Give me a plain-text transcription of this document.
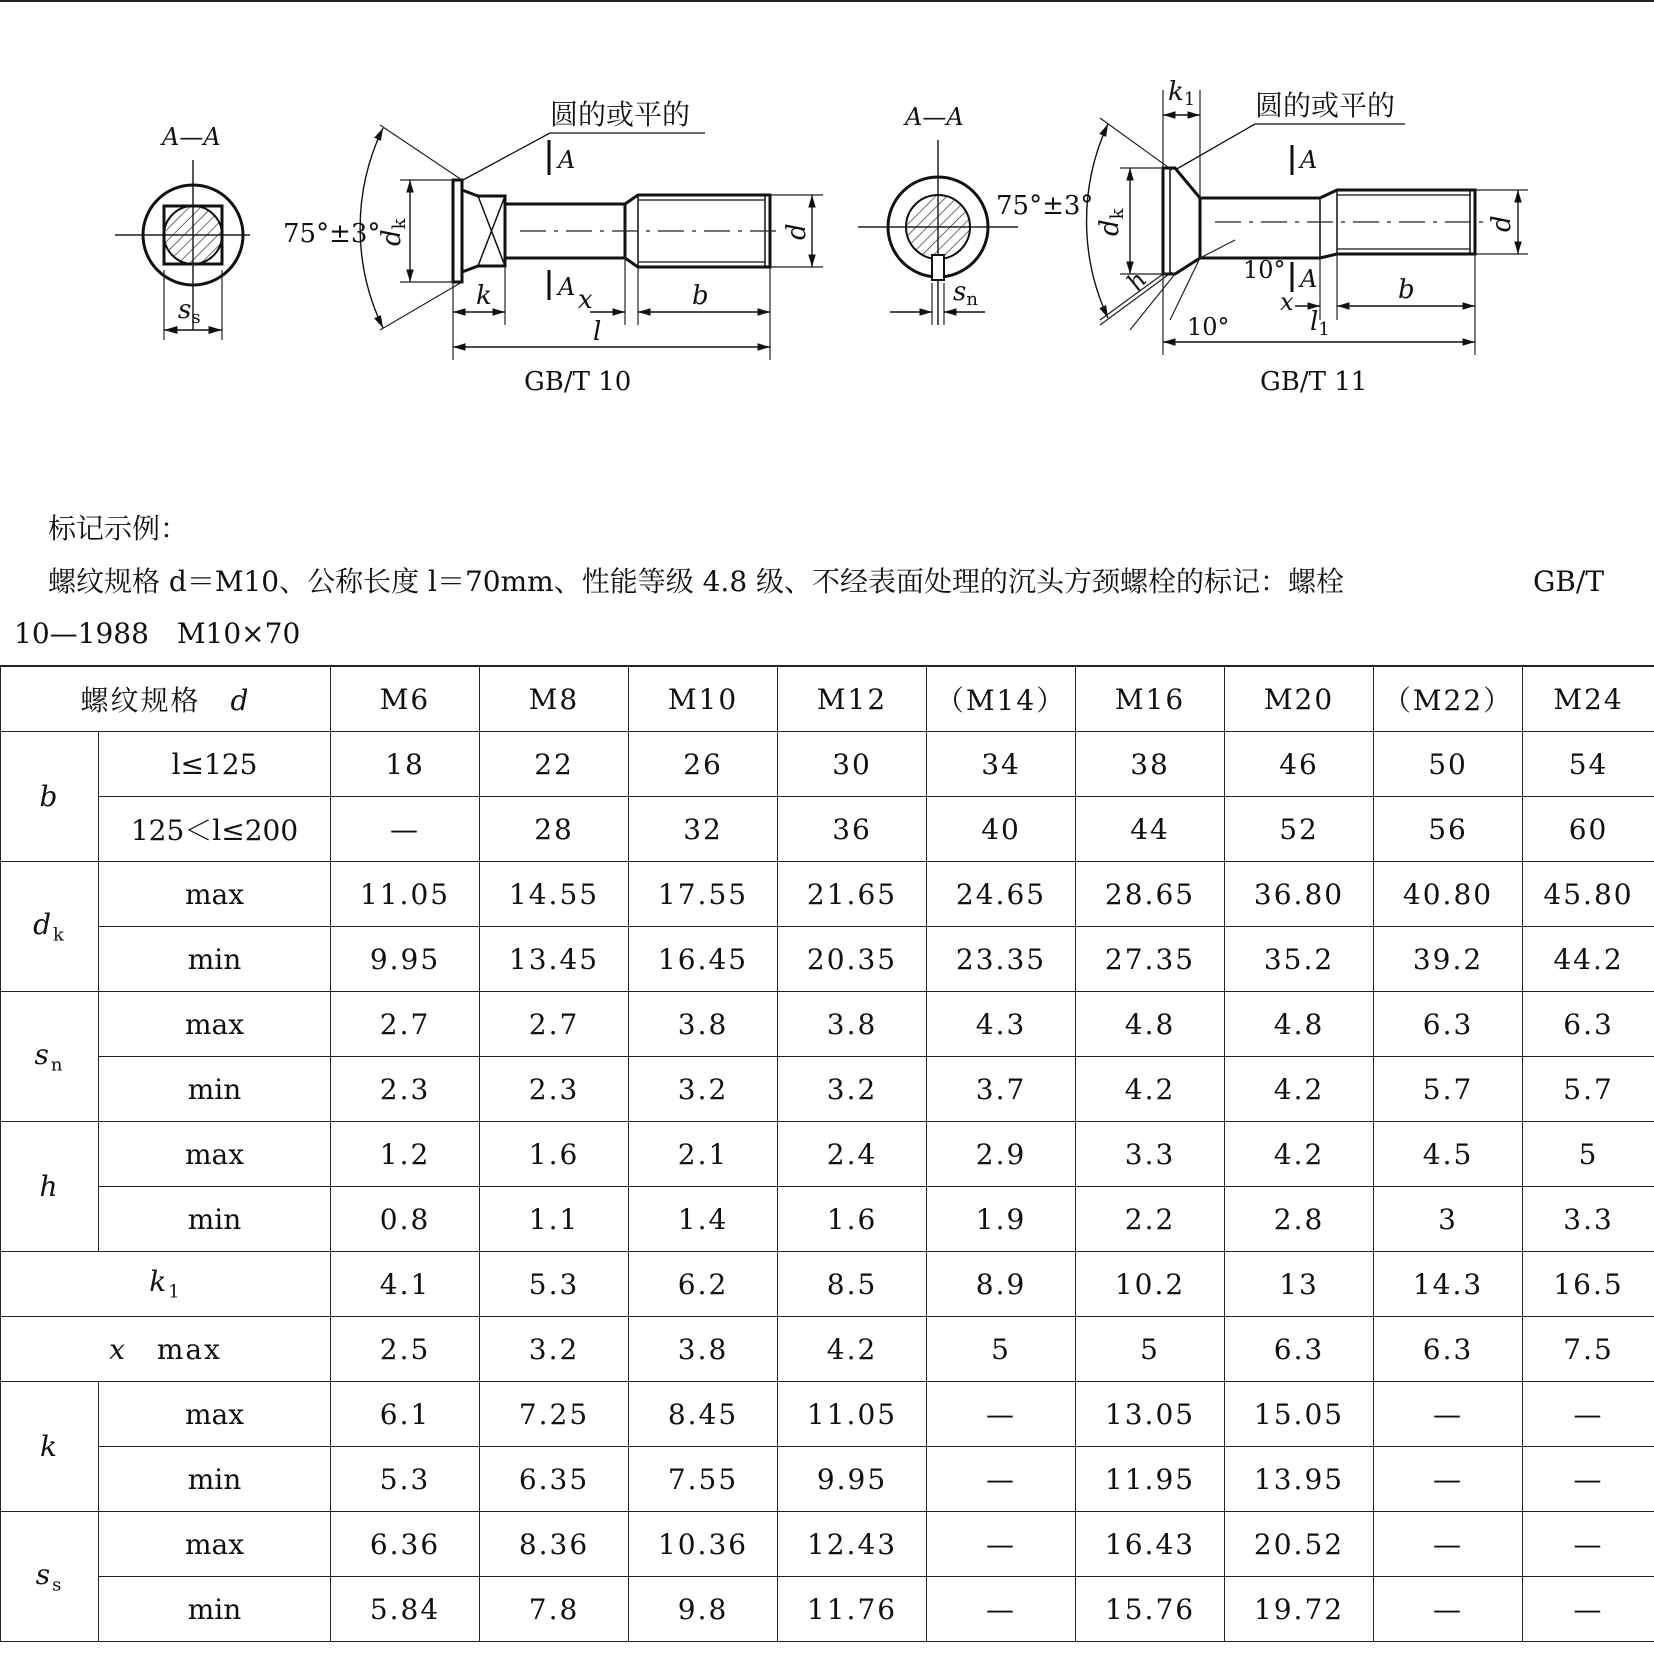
A—A
ss
A
A
圆的或平的
75°±3°
dk	d
k	x	b
l
GB/T 10
A—A
sn
A
A
圆的或平的
k1
75°±3°
dk
d
h	10°
10°
x	b
l1
GB/T 11
标记示例：
螺纹规格 d＝M10、公称长度 l＝70mm、性能等级 4.8 级、不经表面处理的沉头方颈螺栓的标记：螺栓	GB/T
10—1988　M10×70
螺纹规格 d		M6	M8	M10	M12	（M14）	M16	M20	（M22）	M24
b	l≤125	18	22	26	30	34	38	46	50	54
	125＜l≤200	—	28	32	36	40	44	52	56	60
$d_k$	max	11.05	14.55	17.55	21.65	24.65	28.65	36.80	40.80	45.80
	min	9.95	13.45	16.45	20.35	23.35	27.35	35.2	39.2	44.2
$s_n$	max	2.7	2.7	3.8	3.8	4.3	4.8	4.8	6.3	6.3
	min	2.3	2.3	3.2	3.2	3.7	4.2	4.2	5.7	5.7
h	max	1.2	1.6	2.1	2.4	2.9	3.3	4.2	4.5	5
	min	0.8	1.1	1.4	1.6	1.9	2.2	2.8	3	3.3
$k_1$		4.1	5.3	6.2	8.5	8.9	10.2	13	14.3	16.5
x max		2.5	3.2	3.8	4.2	5	5	6.3	6.3	7.5
k	max	6.1	7.25	8.45	11.05	—	13.05	15.05	—	—
	min	5.3	6.35	7.55	9.95	—	11.95	13.95	—	—
$s_s$	max	6.36	8.36	10.36	12.43	—	16.43	20.52	—	—
	min	5.84	7.8	9.8	11.76	—	15.76	19.72	—	—
